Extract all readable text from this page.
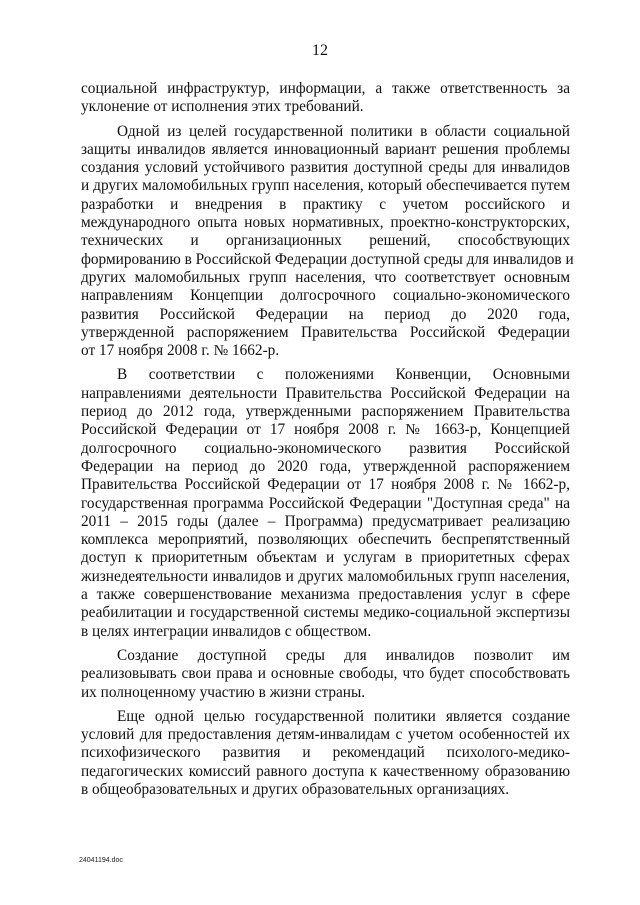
12

социальной инфраструктур, информации, а также ответственность за
уклонение от исполнения этих требований.

Одной из целей государственной политики в области социальной
защиты инвалидов является инновационный вариант решения проблемы
создания условий устойчивого развития доступной среды для инвалидов
и других маломобильных групп населения, который обеспечивается путем
разработки и внедрения в практику с учетом российского и
международного опыта новых нормативных, проектно-конструкторских,
технических и организационных решений, способствующих
формированию в Российской Федерации доступной среды для инвалидов и
других маломобильных групп населения, что соответствует основным
направлениям Концепции долгосрочного социально-экономического
развития Российской Федерации на период до 2020 года,
утвержденной распоряжением Правительства Российской Федерации
от 17 ноября 2008 г. № 1662-р.

В соответствии с положениями Конвенции, Основными
направлениями деятельности Правительства Российской Федерации на
период до 2012 года, утвержденными распоряжением Правительства
Российской Федерации от 17 ноября 2008 г. № 1663-р, Концепцией
долгосрочного социально-экономического развития Российской
Федерации на период до 2020 года, утвержденной распоряжением
Правительства Российской Федерации от 17 ноября 2008 г. № 1662-р,
государственная программа Российской Федерации "Доступная среда" на
2011 – 2015 годы (далее – Программа) предусматривает реализацию
комплекса мероприятий, позволяющих обеспечить беспрепятственный
доступ к приоритетным объектам и услугам в приоритетных сферах
жизнедеятельности инвалидов и других маломобильных групп населения,
а также совершенствование механизма предоставления услуг в сфере
реабилитации и государственной системы медико-социальной экспертизы
в целях интеграции инвалидов с обществом.

Создание доступной среды для инвалидов позволит им
реализовывать свои права и основные свободы, что будет способствовать
их полноценному участию в жизни страны.

Еще одной целью государственной политики является создание
условий для предоставления детям-инвалидам с учетом особенностей их
психофизического развития и рекомендаций психолого-медико-
педагогических комиссий равного доступа к качественному образованию
в общеобразовательных и других образовательных организациях.

24041194.doc
